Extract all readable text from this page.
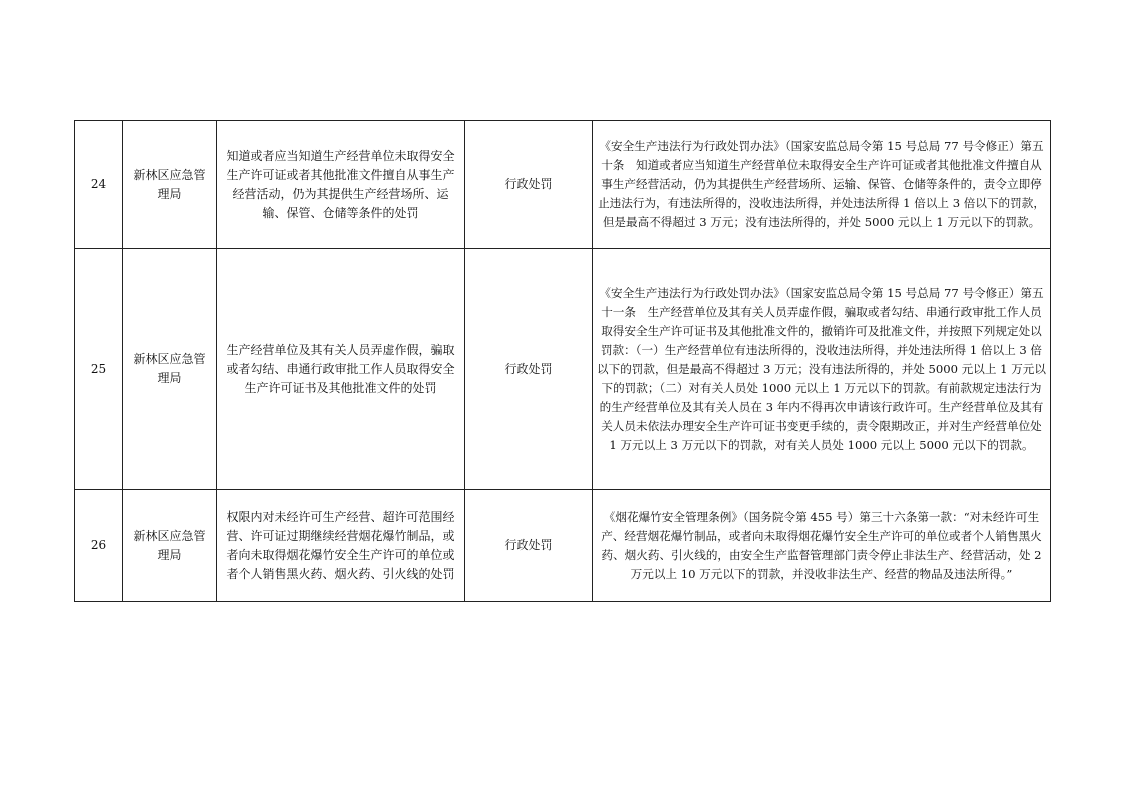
24	新林区应急管理局	知道或者应当知道生产经营单位未取得安全生产许可证或者其他批准文件擅自从事生产经营活动，仍为其提供生产经营场所、运输、保管、仓储等条件的处罚	行政处罚	《安全生产违法行为行政处罚办法》（国家安监总局令第 15 号总局 77 号令修正）第五十条　知道或者应当知道生产经营单位未取得安全生产许可证或者其他批准文件擅自从事生产经营活动，仍为其提供生产经营场所、运输、保管、仓储等条件的，责令立即停止违法行为，有违法所得的，没收违法所得，并处违法所得 1 倍以上 3 倍以下的罚款，但是最高不得超过 3 万元；没有违法所得的，并处 5000 元以上 1 万元以下的罚款。
25	新林区应急管理局	生产经营单位及其有关人员弄虚作假，骗取或者勾结、串通行政审批工作人员取得安全生产许可证书及其他批准文件的处罚	行政处罚	《安全生产违法行为行政处罚办法》（国家安监总局令第 15 号总局 77 号令修正）第五十一条　生产经营单位及其有关人员弄虚作假，骗取或者勾结、串通行政审批工作人员取得安全生产许可证书及其他批准文件的，撤销许可及批准文件，并按照下列规定处以罚款：（一）生产经营单位有违法所得的，没收违法所得，并处违法所得 1 倍以上 3 倍以下的罚款，但是最高不得超过 3 万元；没有违法所得的，并处 5000 元以上 1 万元以下的罚款；（二）对有关人员处 1000 元以上 1 万元以下的罚款。有前款规定违法行为的生产经营单位及其有关人员在 3 年内不得再次申请该行政许可。生产经营单位及其有关人员未依法办理安全生产许可证书变更手续的，责令限期改正，并对生产经营单位处 1 万元以上 3 万元以下的罚款，对有关人员处 1000 元以上 5000 元以下的罚款。
26	新林区应急管理局	权限内对未经许可生产经营、超许可范围经营、许可证过期继续经营烟花爆竹制品，或者向未取得烟花爆竹安全生产许可的单位或者个人销售黑火药、烟火药、引火线的处罚	行政处罚	《烟花爆竹安全管理条例》（国务院令第 455 号）第三十六条第一款：“对未经许可生产、经营烟花爆竹制品，或者向未取得烟花爆竹安全生产许可的单位或者个人销售黑火药、烟火药、引火线的，由安全生产监督管理部门责令停止非法生产、经营活动，处 2 万元以上 10 万元以下的罚款，并没收非法生产、经营的物品及违法所得。”
